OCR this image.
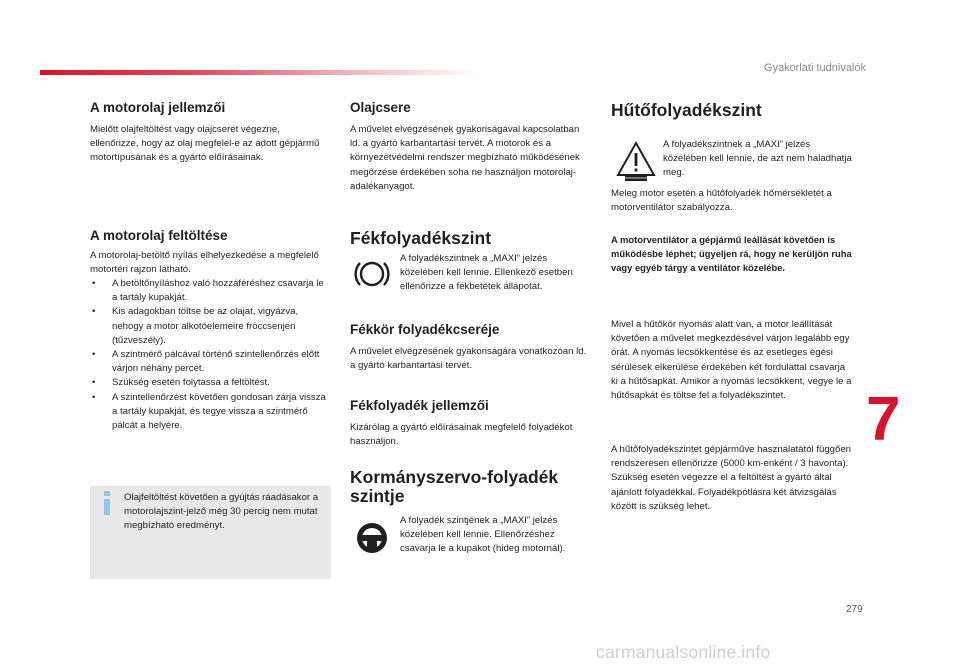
Gyakorlati tudnivalók
A motorolaj jellemzői

Mielőtt olajfeltöltést vagy olajcserét végezne, ellenőrizze, hogy az olaj megfelel-e az adott gépjármű motortípusának és a gyártó előírásainak.

A motorolaj feltöltése

A motorolaj-betöltő nyílás elhelyezkedése a megfelelő motortéri rajzon látható.

• A betöltőnyíláshoz való hozzáféréshez csavarja le a tartály kupakját.
• Kis adagokban töltse be az olajat, vigyázva, nehogy a motor alkotóelemeire fröccsenjen (tűzveszély).
• A szintmérő pálcával történő szintellenőrzés előtt várjon néhány percet.
• Szükség esetén folytassa a feltöltést.
• A szintellenőrzést követően gondosan zárja vissza a tartály kupakját, és tegye vissza a szintmérő pálcát a helyére.

Olajfeltöltést követően a gyújtás ráadásakor a motorolajszint-jelző még 30 percig nem mutat megbízható eredményt.

Olajcsere

A művelet elvégzésének gyakoriságával kapcsolatban ld. a gyártó karbantartási tervét. A motorok és a környezetvédelmi rendszer megbízható működésének megőrzése érdekében soha ne használjon motorolaj-adalékanyagot.

Fékfolyadékszint

A folyadékszintnek a „MAXI” jelzés közelében kell lennie. Ellenkező esetben ellenőrizze a fékbetétek állapotát.

Fékkör folyadékcseréje

A művelet elvégzésének gyakoriságára vonatkozóan ld. a gyártó karbantartási tervét.

Fékfolyadék jellemzői

Kizárólag a gyártó előírásainak megfelelő folyadékot használjon.

Kormányszervo-folyadék szintje

A folyadék szintjének a „MAXI” jelzés közelében kell lennie. Ellenőrzéshez csavarja le a kupakot (hideg motornál).

Hűtőfolyadékszint

A folyadékszintnek a „MAXI” jelzés közelében kell lennie, de azt nem haladhatja meg.

Meleg motor esetén a hűtőfolyadék hőmérsékletét a motorventilátor szabályozza.

A motorventilátor a gépjármű leállását követően is működésbe léphet; ügyeljen rá, hogy ne kerüljön ruha vagy egyéb tárgy a ventilátor közelébe.

Mivel a hűtőkör nyomás alatt van, a motor leállítását követően a művelet megkezdésével várjon legalább egy órát. A nyomás lecsökkentése és az esetleges égési sérülések elkerülése érdekében két fordulattal csavarja ki a hűtősapkát. Amikor a nyomás lecsökkent, vegye le a hűtősapkát és töltse fel a folyadékszintet.

A hűtőfolyadékszintet gépjárműve használatától függően rendszeresen ellenőrizze (5000 km-enként / 3 havonta). Szükség esetén végezze el a feltöltést a gyártó által ajánlott folyadékkal. Folyadékpótlásra két átvizsgálás között is szükség lehet.

7
279
carmanualsonline.info
